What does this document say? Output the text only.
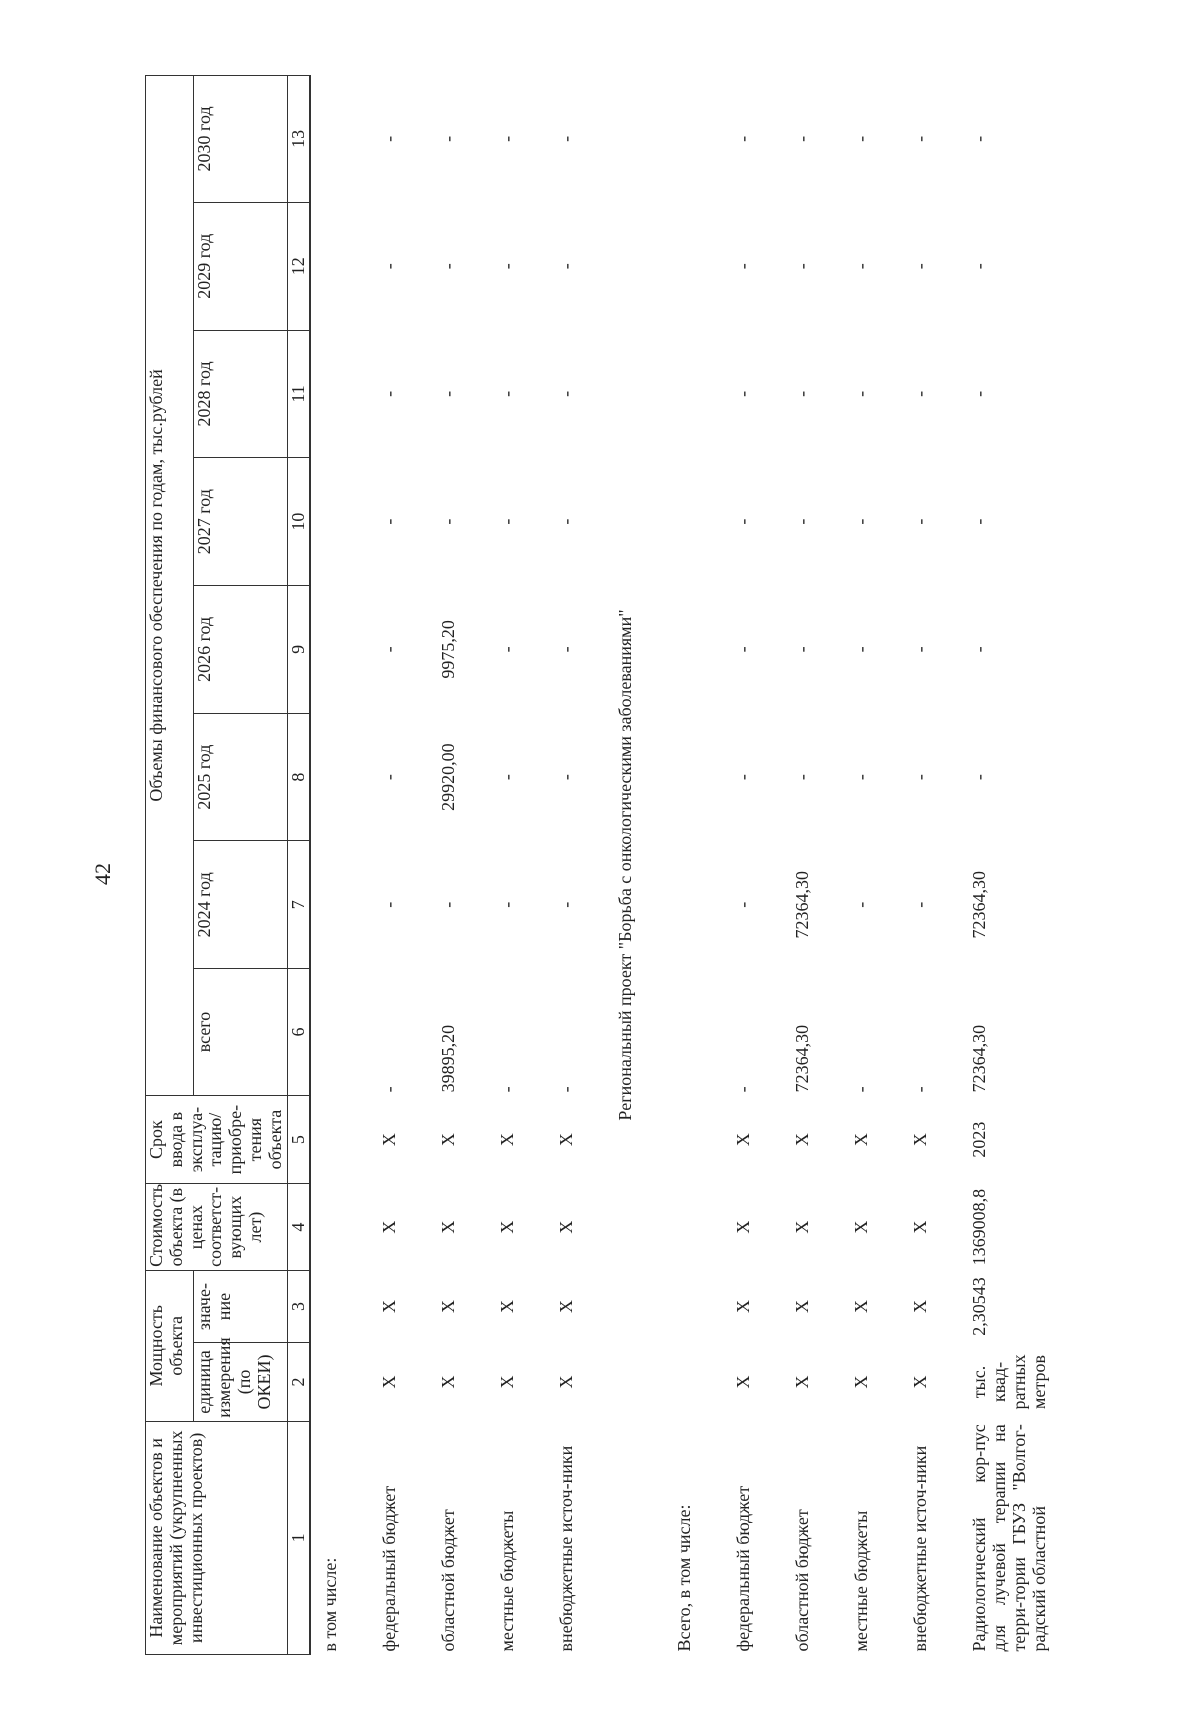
42
Наименование объектов и мероприятий (укрупненных инвестиционных проектов)	Мощность объекта		Стоимость объекта (в ценах соответст-вующих лет)	Срок ввода в эксплуа-тацию/ приобре-тения объекта	Объемы финансового обеспечения по годам, тыс.рублей							
	единица измерения (по ОКЕИ)	значе-ние			всего	2024 год	2025 год	2026 год	2027 год	2028 год	2029 год	2030 год
1	2	3	4	5	6	7	8	9	10	11	12	13
в том числе:												
федеральный бюджет	X	X	X	X	-	-	-	-	-	-	-	-
областной бюджет	X	X	X	X	39895,20	-	29920,00	9975,20	-	-	-	-
местные бюджеты	X	X	X	X	-	-	-	-	-	-	-	-
внебюджетные источ-ники	X	X	X	X	-	-	-	-	-	-	-	-
Региональный проект "Борьба с онкологическими заболеваниями"												
Всего, в том числе:												
федеральный бюджет	X	X	X	X	-	-	-	-	-	-	-	-
областной бюджет	X	X	X	X	72364,30	72364,30	-	-	-	-	-	-
местные бюджеты	X	X	X	X	-	-	-	-	-	-	-	-
внебюджетные источ-ники	X	X	X	X	-	-	-	-	-	-	-	-
Радиологический кор-пус для лучевой терапии на терри-тории ГБУЗ "Волгог-радский областной	тыс. квад-ратных метров	2,30543	1369008,8	2023	72364,30	72364,30	-	-	-	-	-	-
